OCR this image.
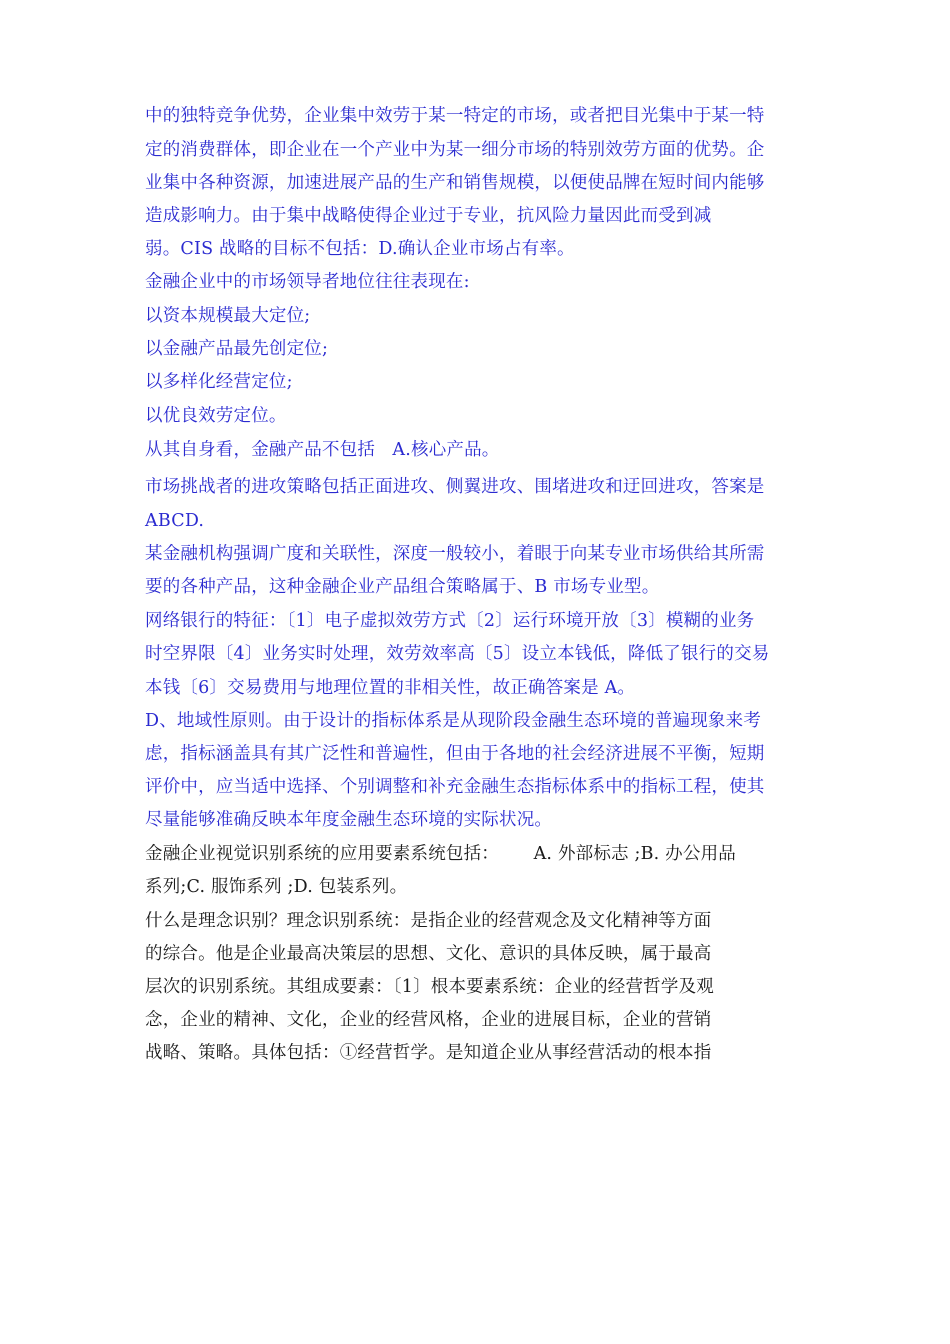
中的独特竞争优势，企业集中效劳于某一特定的市场，或者把目光集中于某一特
定的消费群体，即企业在一个产业中为某一细分市场的特别效劳方面的优势。企
业集中各种资源，加速进展产品的生产和销售规模，以便使品牌在短时间内能够
造成影响力。由于集中战略使得企业过于专业，抗风险力量因此而受到减
弱。CIS 战略的目标不包括：D.确认企业市场占有率。
金融企业中的市场领导者地位往往表现在:
以资本规模最大定位;
以金融产品最先创定位;
以多样化经营定位;
以优良效劳定位。
从其自身看，金融产品不包括   A.核心产品。
市场挑战者的进攻策略包括正面进攻、侧翼进攻、围堵进攻和迂回进攻，答案是
ABCD.
某金融机构强调广度和关联性，深度一般较小，着眼于向某专业市场供给其所需
要的各种产品，这种金融企业产品组合策略属于、B 市场专业型。
网络银行的特征：〔1〕电子虚拟效劳方式〔2〕运行环境开放〔3〕模糊的业务
时空界限〔4〕业务实时处理，效劳效率高〔5〕设立本钱低，降低了银行的交易
本钱〔6〕交易费用与地理位置的非相关性，故正确答案是 A。
D、地域性原则。由于设计的指标体系是从现阶段金融生态环境的普遍现象来考
虑，指标涵盖具有其广泛性和普遍性，但由于各地的社会经济进展不平衡，短期
评价中，应当适中选择、个别调整和补充金融生态指标体系中的指标工程，使其
尽量能够准确反映本年度金融生态环境的实际状况。
金融企业视觉识别系统的应用要素系统包括：      A. 外部标志 ;B. 办公用品
系列;C. 服饰系列 ;D. 包装系列。
什么是理念识别？理念识别系统：是指企业的经营观念及文化精神等方面
的综合。他是企业最高决策层的思想、文化、意识的具体反映，属于最高
层次的识别系统。其组成要素：〔1〕根本要素系统：企业的经营哲学及观
念，企业的精神、文化，企业的经营风格，企业的进展目标，企业的营销
战略、策略。具体包括：①经营哲学。是知道企业从事经营活动的根本指
